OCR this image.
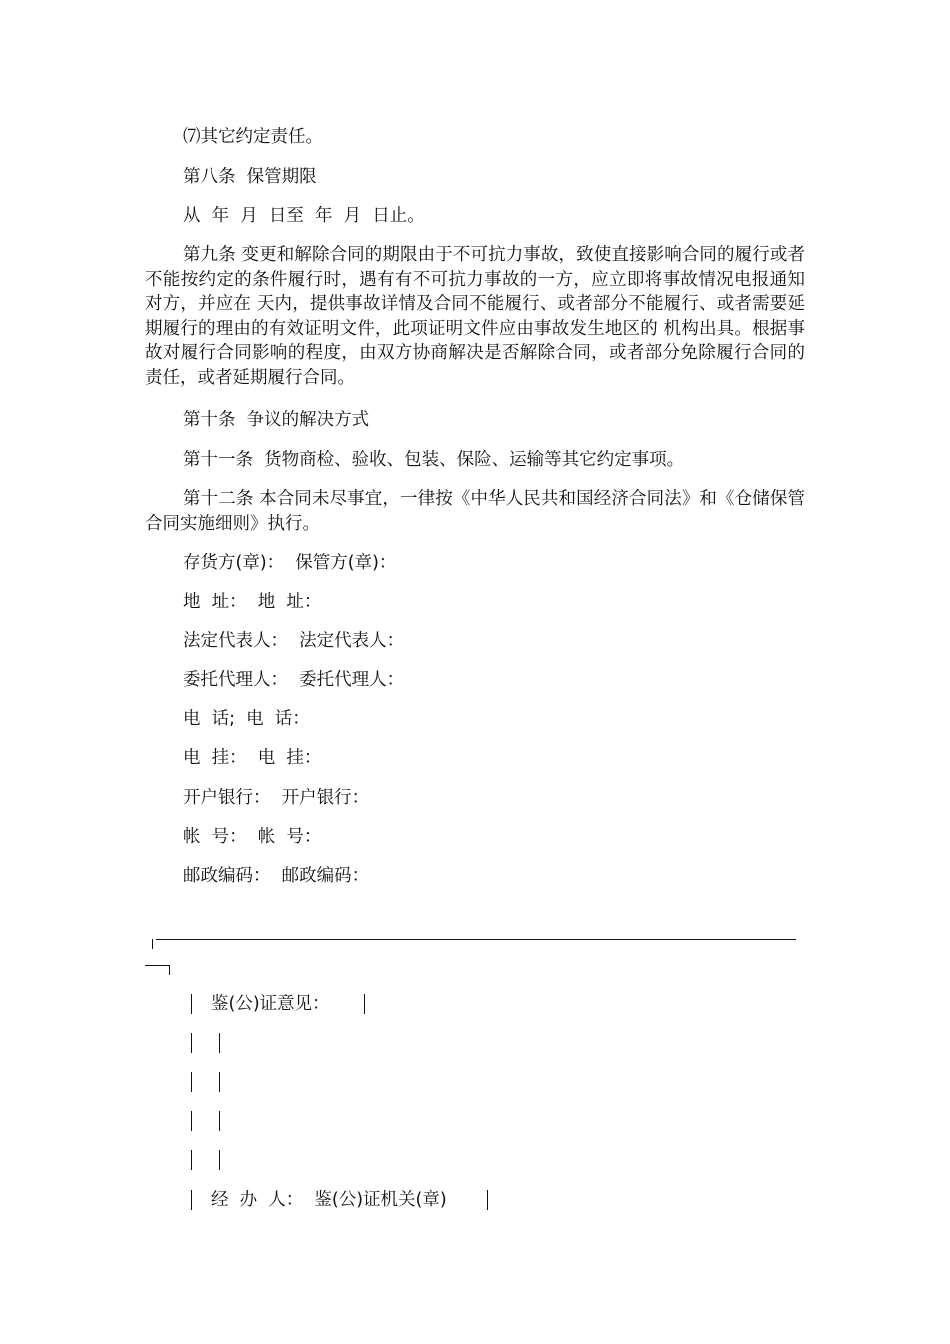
⑺其它约定责任。
第八条  保管期限
从  年  月  日至  年  月  日止。

第九条 变更和解除合同的期限由于不可抗力事故，致使直接影响合同的履行或者不能按约定的条件履行时，遇有有不可抗力事故的一方，应立即将事故情况电报通知对方，并应在 天内，提供事故详情及合同不能履行、或者部分不能履行、或者需要延期履行的理由的有效证明文件，此项证明文件应由事故发生地区的 机构出具。根据事故对履行合同影响的程度，由双方协商解决是否解除合同，或者部分免除履行合同的责任，或者延期履行合同。

第十条  争议的解决方式
第十一条  货物商检、验收、包装、保险、运输等其它约定事项。

第十二条 本合同未尽事宜，一律按《中华人民共和国经济合同法》和《仓储保管合同实施细则》执行。

存货方(章)：  保管方(章)：
地  址：  地  址：
法定代表人：  法定代表人：
委托代理人：  委托代理人：
电  话;  电  话：
电  挂：  电  挂：
开户银行：  开户银行：
帐  号：  帐  号：
邮政编码：  邮政编码：
鉴(公)证意见：
经  办  人：  鉴(公)证机关(章)
